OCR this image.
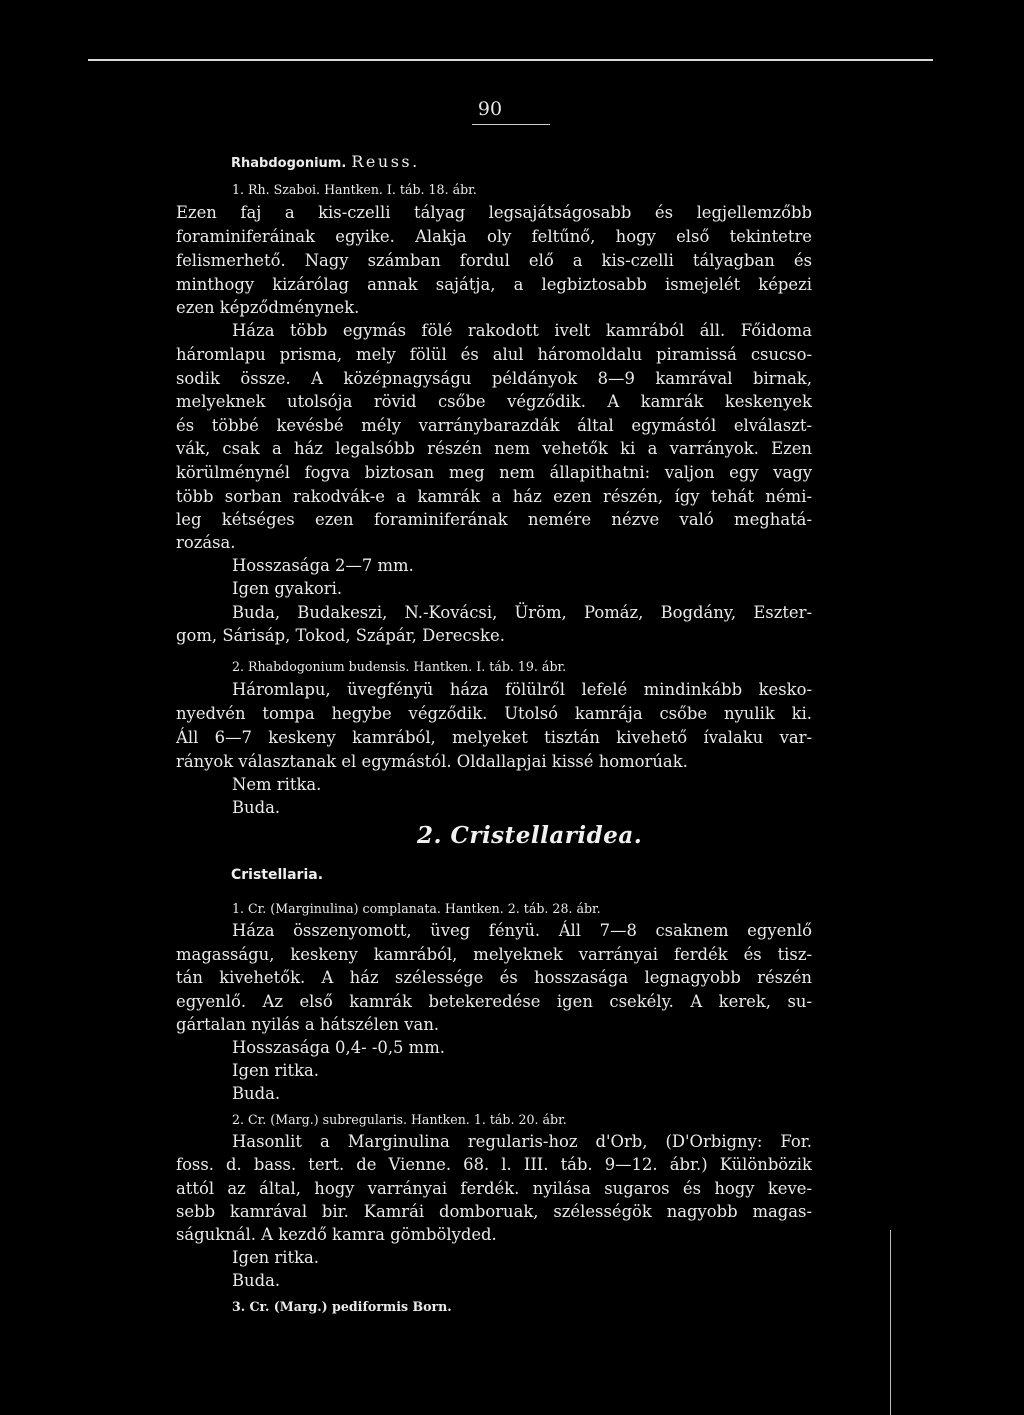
90
Rhabdogonium. Reuss.
1. Rh. Szaboi. Hantken. I. táb. 18. ábr.
Ezen faj a kis-czelli tályag legsajátságosabb és legjellemzőbb
foraminiferáinak egyike. Alakja oly feltűnő, hogy első tekintetre
felismerhető. Nagy számban fordul elő a kis-czelli tályagban és
minthogy kizárólag annak sajátja, a legbiztosabb ismejelét képezi
ezen képződménynek.
Háza több egymás fölé rakodott ivelt kamrából áll. Főidoma
háromlapu prisma, mely fölül és alul háromoldalu piramissá csucso-
sodik össze. A középnagyságu példányok 8—9 kamrával birnak,
melyeknek utolsója rövid csőbe végződik. A kamrák keskenyek
és többé kevésbé mély varránybarazdák által egymástól elválaszt-
vák, csak a ház legalsóbb részén nem vehetők ki a varrányok. Ezen
körülménynél fogva biztosan meg nem állapithatni: valjon egy vagy
több sorban rakodvák-e a kamrák a ház ezen részén, így tehát némi-
leg kétséges ezen foraminiferának nemére nézve való meghatá-
rozása.
Hosszasága 2—7 mm.
Igen gyakori.
Buda, Budakeszi, N.-Kovácsi, Üröm, Pomáz, Bogdány, Eszter-
gom, Sárisáp, Tokod, Szápár, Derecske.
2. Rhabdogonium budensis. Hantken. I. táb. 19. ábr.
Háromlapu, üvegfényü háza fölülről lefelé mindinkább kesko-
nyedvén tompa hegybe végződik. Utolsó kamrája csőbe nyulik ki.
Áll 6—7 keskeny kamrából, melyeket tisztán kivehető ívalaku var-
rányok választanak el egymástól. Oldallapjai kissé homorúak.
Nem ritka.
Buda.
2. Cristellaridea.
Cristellaria.
1. Cr. (Marginulina) complanata. Hantken. 2. táb. 28. ábr.
Háza összenyomott, üveg fényü. Áll 7—8 csaknem egyenlő
magasságu, keskeny kamrából, melyeknek varrányai ferdék és tisz-
tán kivehetők. A ház szélessége és hosszasága legnagyobb részén
egyenlő. Az első kamrák betekeredése igen csekély. A kerek, su-
gártalan nyilás a hátszélen van.
Hosszasága 0,4- -0,5 mm.
Igen ritka.
Buda.
2. Cr. (Marg.) subregularis. Hantken. 1. táb. 20. ábr.
Hasonlit a Marginulina regularis-hoz d'Orb, (D'Orbigny: For.
foss. d. bass. tert. de Vienne. 68. l. III. táb. 9—12. ábr.) Különbözik
attól az által, hogy varrányai ferdék. nyilása sugaros és hogy keve-
sebb kamrával bir. Kamrái domboruak, szélességök nagyobb magas-
ságuknál. A kezdő kamra gömbölyded.
Igen ritka.
Buda.
3. Cr. (Marg.) pediformis Born.
